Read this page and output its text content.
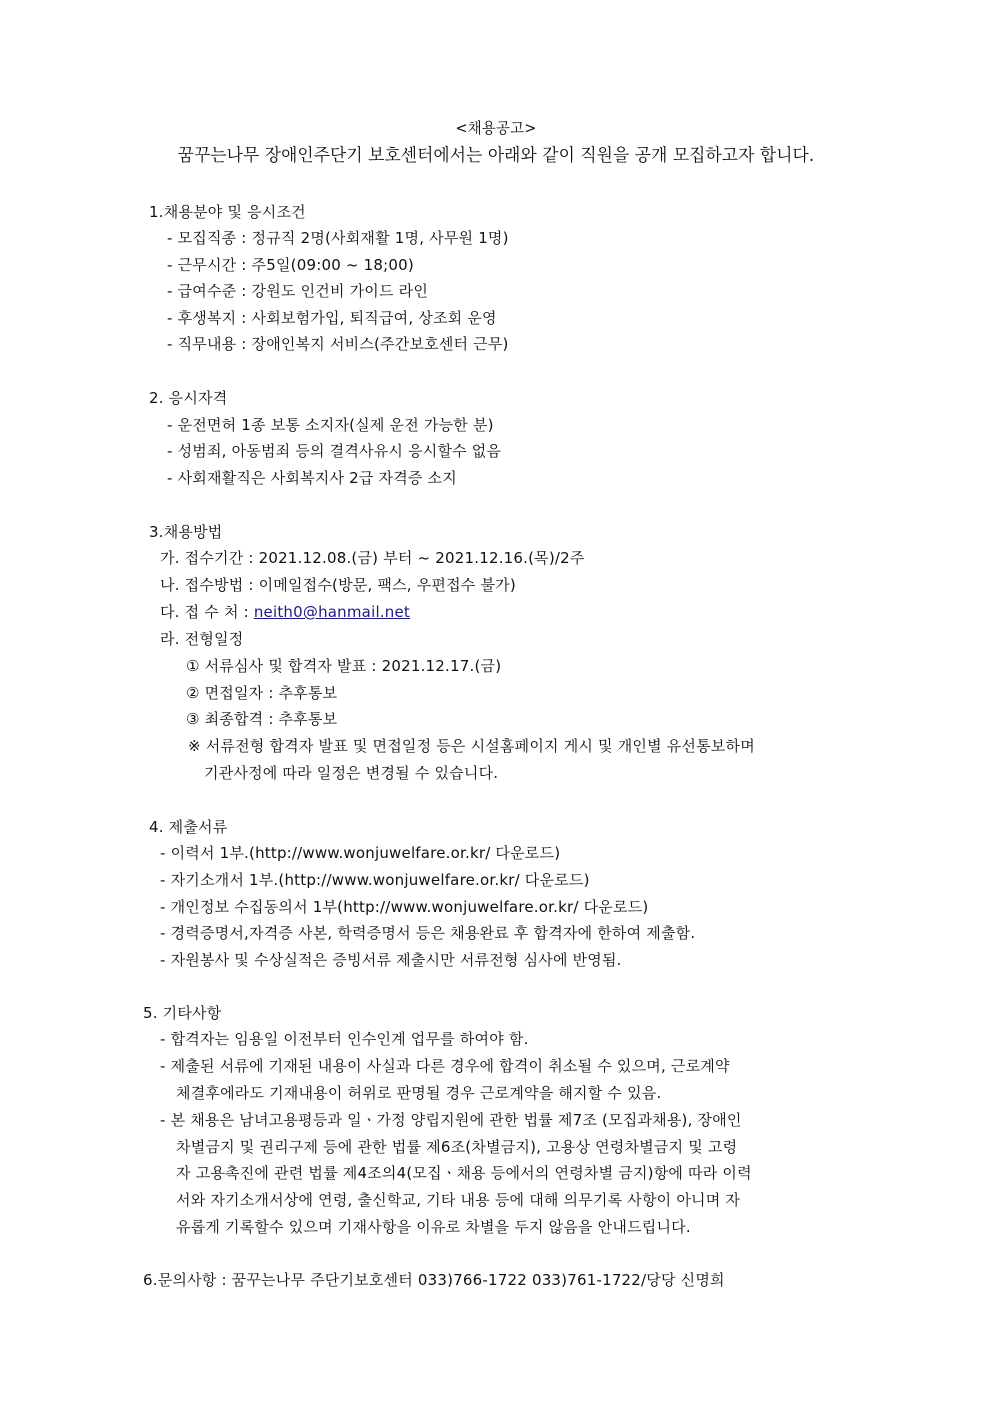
<채용공고>
꿈꾸는나무 장애인주단기 보호센터에서는 아래와 같이 직원을 공개 모집하고자 합니다.
1.채용분야 및 응시조건
- 모집직종 : 정규직 2명(사회재활 1명, 사무원 1명)
- 근무시간 : 주5일(09:00 ~ 18;00)
- 급여수준 : 강원도 인건비 가이드 라인
- 후생복지 : 사회보험가입, 퇴직급여, 상조회 운영
- 직무내용 : 장애인복지 서비스(주간보호센터 근무)
2. 응시자격
- 운전면허 1종 보통 소지자(실제 운전 가능한 분)
- 성범죄, 아동범죄 등의 결격사유시 응시할수 없음
- 사회재활직은 사회복지사 2급 자격증 소지
3.채용방법
가. 접수기간 : 2021.12.08.(금) 부터 ~ 2021.12.16.(목)/2주
나. 접수방법 : 이메일접수(방문, 팩스, 우편접수 불가)
다. 접 수 처 : neith0@hanmail.net
라. 전형일정
① 서류심사 및 합격자 발표 : 2021.12.17.(금)
② 면접일자 : 추후통보
③ 최종합격 : 추후통보
※ 서류전형 합격자 발표 및 면접일정 등은 시설홈페이지 게시 및 개인별 유선통보하며
기관사정에 따라 일정은 변경될 수 있습니다.
4. 제출서류
- 이력서 1부.(http://www.wonjuwelfare.or.kr/ 다운로드)
- 자기소개서 1부.(http://www.wonjuwelfare.or.kr/ 다운로드)
- 개인정보 수집동의서 1부(http://www.wonjuwelfare.or.kr/ 다운로드)
- 경력증명서,자격증 사본, 학력증명서 등은 채용완료 후 합격자에 한하여 제출함.
- 자원봉사 및 수상실적은 증빙서류 제출시만 서류전형 심사에 반영됨.
5. 기타사항
- 합격자는 임용일 이전부터 인수인계 업무를 하여야 함.
- 제출된 서류에 기재된 내용이 사실과 다른 경우에 합격이 취소될 수 있으며, 근로계약
체결후에라도 기재내용이 허위로 판명될 경우 근로계약을 해지할 수 있음.
- 본 채용은 남녀고용평등과 일ㆍ가정 양립지원에 관한 법률 제7조 (모집과채용), 장애인
차별금지 및 권리구제 등에 관한 법률 제6조(차별금지), 고용상 연령차별금지 및 고령
자 고용촉진에 관련 법률 제4조의4(모집ㆍ채용 등에서의 연령차별 금지)항에 따라 이력
서와 자기소개서상에 연령, 출신학교, 기타 내용 등에 대해 의무기록 사항이 아니며 자
유롭게 기록할수 있으며 기재사항을 이유로 차별을 두지 않음을 안내드립니다.
6.문의사항 : 꿈꾸는나무 주단기보호센터 033)766-1722 033)761-1722/당당 신명희
